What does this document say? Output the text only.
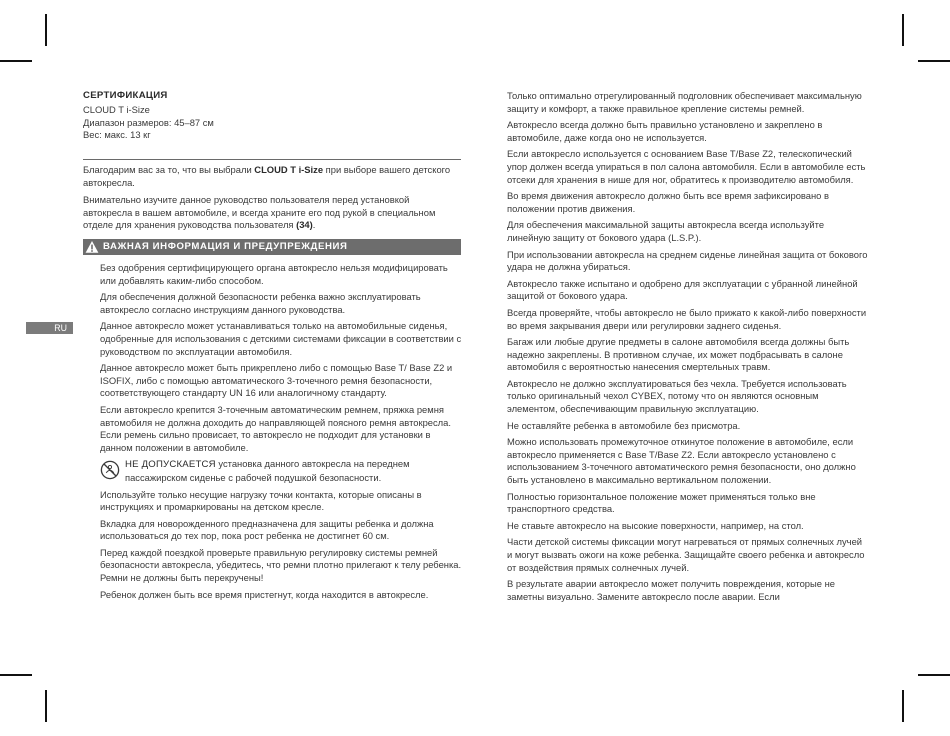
СЕРТИФИКАЦИЯ
CLOUD T i-Size
Диапазон размеров: 45–87 см
Вес: макс. 13 кг

Благодарим вас за то, что вы выбрали CLOUD T i-Size при выборе вашего детского автокресла.

Внимательно изучите данное руководство пользователя перед установкой автокресла в вашем автомобиле, и всегда храните его под рукой в специальном отделе для хранения руководства пользователя (34).

ВАЖНАЯ ИНФОРМАЦИЯ И ПРЕДУПРЕЖДЕНИЯ
RU

Без одобрения сертифицирующего органа автокресло нельзя модифицировать или добавлять каким-либо способом.

Для обеспечения должной безопасности ребенка важно эксплуатировать автокресло согласно инструкциям данного руководства.

Данное автокресло может устанавливаться только на автомобильные сиденья, одобренные для использования с детскими системами фиксации в соответствии с руководством по эксплуатации автомобиля.

Данное автокресло может быть прикреплено либо с помощью Base T/ Base Z2 и ISOFIX, либо с помощью автоматического 3-точечного ремня безопасности, соответствующего стандарту UN 16 или аналогичному стандарту.

Если автокресло крепится 3-точечным автоматическим ремнем, пряжка ремня автомобиля не должна доходить до направляющей поясного ремня автокресла. Если ремень сильно провисает, то автокресло не подходит для установки в данном положении в автомобиле.

НЕ ДОПУСКАЕТСЯ установка данного автокресла на переднем пассажирском сиденье с рабочей подушкой безопасности.

Используйте только несущие нагрузку точки контакта, которые описаны в инструкциях и промаркированы на детском кресле.

Вкладка для новорожденного предназначена для защиты ребенка и должна использоваться до тех пор, пока рост ребенка не достигнет 60 см.

Перед каждой поездкой проверьте правильную регулировку системы ремней безопасности автокресла, убедитесь, что ремни плотно прилегают к телу ребенка. Ремни не должны быть перекручены!

Ребенок должен быть все время пристегнут, когда находится в автокресле.

Только оптимально отрегулированный подголовник обеспечивает максимальную защиту и комфорт, а также правильное крепление системы ремней.

Автокресло всегда должно быть правильно установлено и закреплено в автомобиле, даже когда оно не используется.

Если автокресло используется с основанием Base T/Base Z2, телескопический упор должен всегда упираться в пол салона автомобиля. Если в автомобиле есть отсеки для хранения в нише для ног, обратитесь к производителю автомобиля.

Во время движения автокресло должно быть все время зафиксировано в положении против движения.

Для обеспечения максимальной защиты автокресла всегда используйте линейную защиту от бокового удара (L.S.P.).

При использовании автокресла на среднем сиденье линейная защита от бокового удара не должна убираться.

Автокресло также испытано и одобрено для эксплуатации с убранной линейной защитой от бокового удара.

Всегда проверяйте, чтобы автокресло не было прижато к какой-либо поверхности во время закрывания двери или регулировки заднего сиденья.

Багаж или любые другие предметы в салоне автомобиля всегда должны быть надежно закреплены. В противном случае, их может подбрасывать в салоне автомобиля с вероятностью нанесения смертельных травм.

Автокресло не должно эксплуатироваться без чехла. Требуется использовать только оригинальный чехол CYBEX, потому что он являются основным элементом, обеспечивающим правильную эксплуатацию.

Не оставляйте ребенка в автомобиле без присмотра.

Можно использовать промежуточное откинутое положение в автомобиле, если автокресло применяется с Base T/Base Z2. Если автокресло установлено с использованием 3-точечного автоматического ремня безопасности, оно должно быть установлено в максимально вертикальном положении.

Полностью горизонтальное положение может применяться только вне транспортного средства.

Не ставьте автокресло на высокие поверхности, например, на стол.

Части детской системы фиксации могут нагреваться от прямых солнечных лучей и могут вызвать ожоги на коже ребенка. Защищайте своего ребенка и автокресло от воздействия прямых солнечных лучей.

В результате аварии автокресло может получить повреждения, которые не заметны визуально. Замените автокресло после аварии. Если
